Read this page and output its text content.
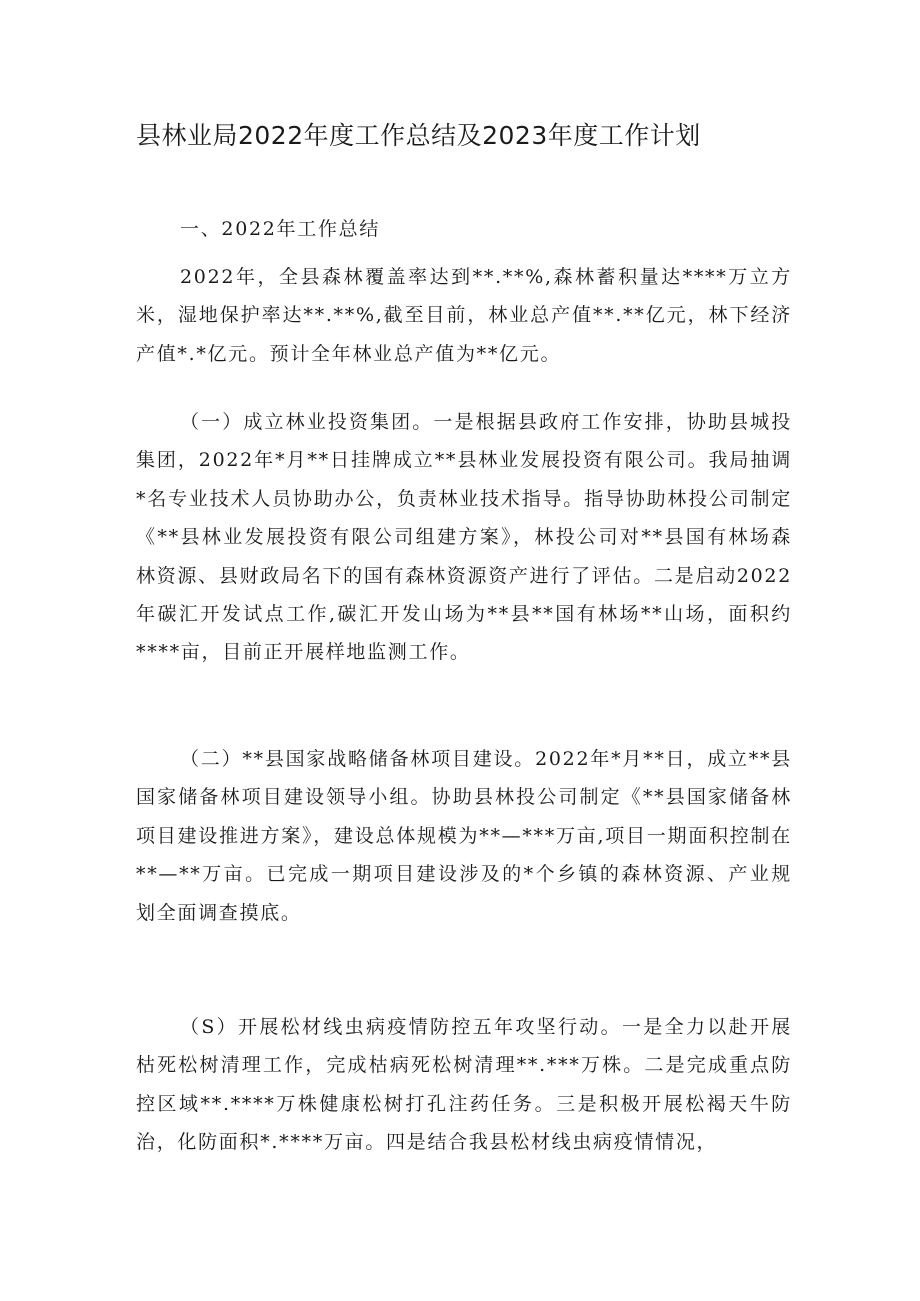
县林业局2022年度工作总结及2023年度工作计划

一、2022年工作总结

2022年，全县森林覆盖率达到**.**%,森林蓄积量达****万立方米，湿地保护率达**.**%,截至目前，林业总产值**.**亿元，林下经济产值*.*亿元。预计全年林业总产值为**亿元。

（一）成立林业投资集团。一是根据县政府工作安排，协助县城投集团，2022年*月**日挂牌成立**县林业发展投资有限公司。我局抽调*名专业技术人员协助办公，负责林业技术指导。指导协助林投公司制定《**县林业发展投资有限公司组建方案》，林投公司对**县国有林场森林资源、县财政局名下的国有森林资源资产进行了评估。二是启动2022年碳汇开发试点工作,碳汇开发山场为**县**国有林场**山场，面积约****亩，目前正开展样地监测工作。

（二）**县国家战略储备林项目建设。2022年*月**日，成立**县国家储备林项目建设领导小组。协助县林投公司制定《**县国家储备林项目建设推进方案》，建设总体规模为**—***万亩,项目一期面积控制在**—**万亩。已完成一期项目建设涉及的*个乡镇的森林资源、产业规划全面调查摸底。

（S）开展松材线虫病疫情防控五年攻坚行动。一是全力以赴开展枯死松树清理工作，完成枯病死松树清理**.***万株。二是完成重点防控区域**.****万株健康松树打孔注药任务。三是积极开展松褐天牛防治，化防面积*.****万亩。四是结合我县松材线虫病疫情情况，
